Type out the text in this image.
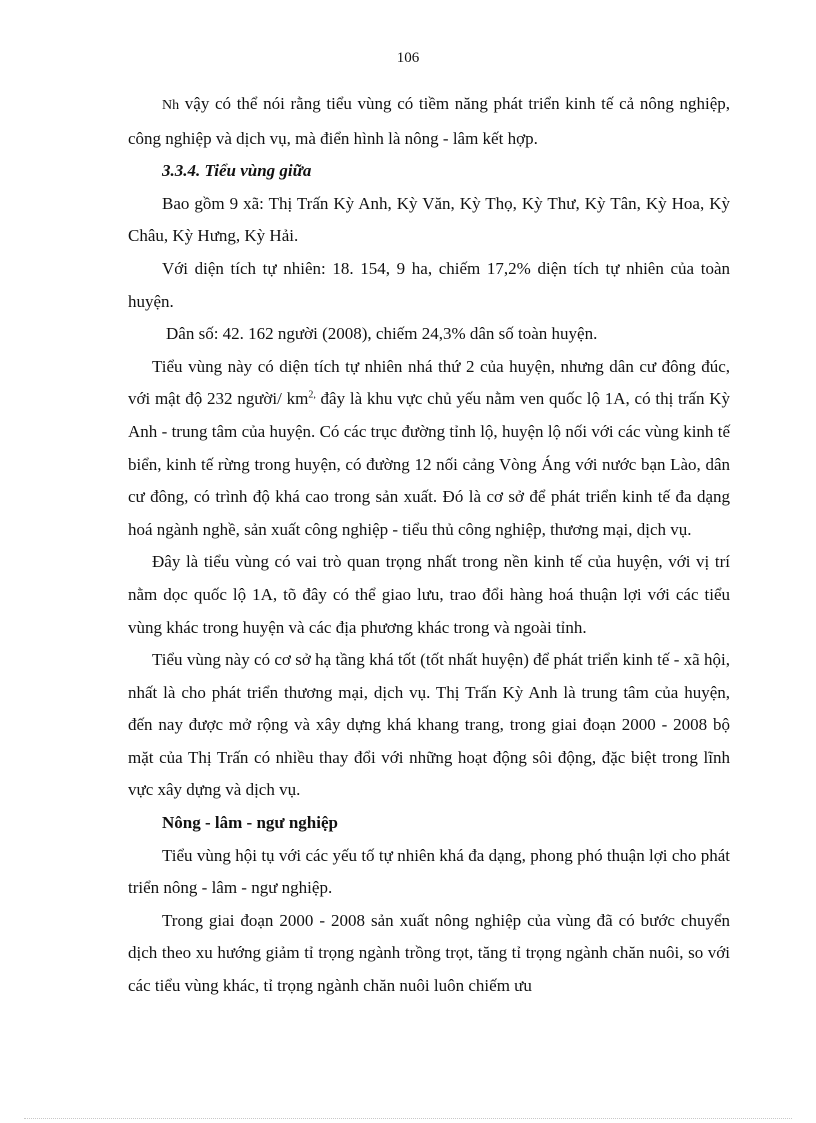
106

Nh vậy có thể nói rằng tiểu vùng có tiềm năng phát triển kinh tế cả nông nghiệp, công nghiệp và dịch vụ, mà điển hình là nông - lâm kết hợp.

3.3.4. Tiểu vùng giữa

Bao gồm 9 xã: Thị Trấn Kỳ Anh, Kỳ Văn, Kỳ Thọ, Kỳ Thư, Kỳ Tân, Kỳ Hoa, Kỳ Châu, Kỳ Hưng, Kỳ Hải.

Với diện tích tự nhiên: 18. 154, 9 ha, chiếm 17,2% diện tích tự nhiên của toàn huyện.

Dân số: 42. 162 người (2008), chiếm 24,3% dân số toàn huyện.

Tiểu vùng này có diện tích tự nhiên nhá thứ 2 của huyện, nhưng dân cư đông đúc, với mật độ 232 người/ $km^{2,}$ đây là khu vực chủ yếu nằm ven quốc lộ 1A, có thị trấn Kỳ Anh - trung tâm của huyện. Có các trục đường tỉnh lộ, huyện lộ nối với các vùng kinh tế biển, kinh tế rừng trong huyện, có đường 12 nối cảng Vòng Áng với nước bạn Lào, dân cư đông, có trình độ khá cao trong sản xuất. Đó là cơ sở để phát triển kinh tế đa dạng hoá ngành nghề, sản xuất công nghiệp - tiểu thủ công nghiệp, thương mại, dịch vụ.

Đây là tiểu vùng có vai trò quan trọng nhất trong nền kinh tế của huyện, với vị trí nằm dọc quốc lộ 1A, tõ đây có thể giao lưu, trao đổi hàng hoá thuận lợi với các tiểu vùng khác trong huyện và các địa phương khác trong và ngoài tỉnh.

Tiểu vùng này có cơ sở hạ tầng khá tốt (tốt nhất huyện) để phát triển kinh tế - xã hội, nhất là cho phát triển thương mại, dịch vụ. Thị Trấn Kỳ Anh là trung tâm của huyện, đến nay được mở rộng và xây dựng khá khang trang, trong giai đoạn 2000 - 2008 bộ mặt của Thị Trấn có nhiều thay đổi với những hoạt động sôi động, đặc biệt trong lĩnh vực xây dựng và dịch vụ.

Nông - lâm - ngư nghiệp

Tiểu vùng hội tụ với các yếu tố tự nhiên khá đa dạng, phong phó thuận lợi cho phát triển nông - lâm - ngư nghiệp.

Trong giai đoạn 2000 - 2008 sản xuất nông nghiệp của vùng đã có bước chuyển dịch theo xu hướng giảm tỉ trọng ngành trồng trọt, tăng tỉ trọng ngành chăn nuôi, so với các tiểu vùng khác, tỉ trọng ngành chăn nuôi luôn chiếm ưu
